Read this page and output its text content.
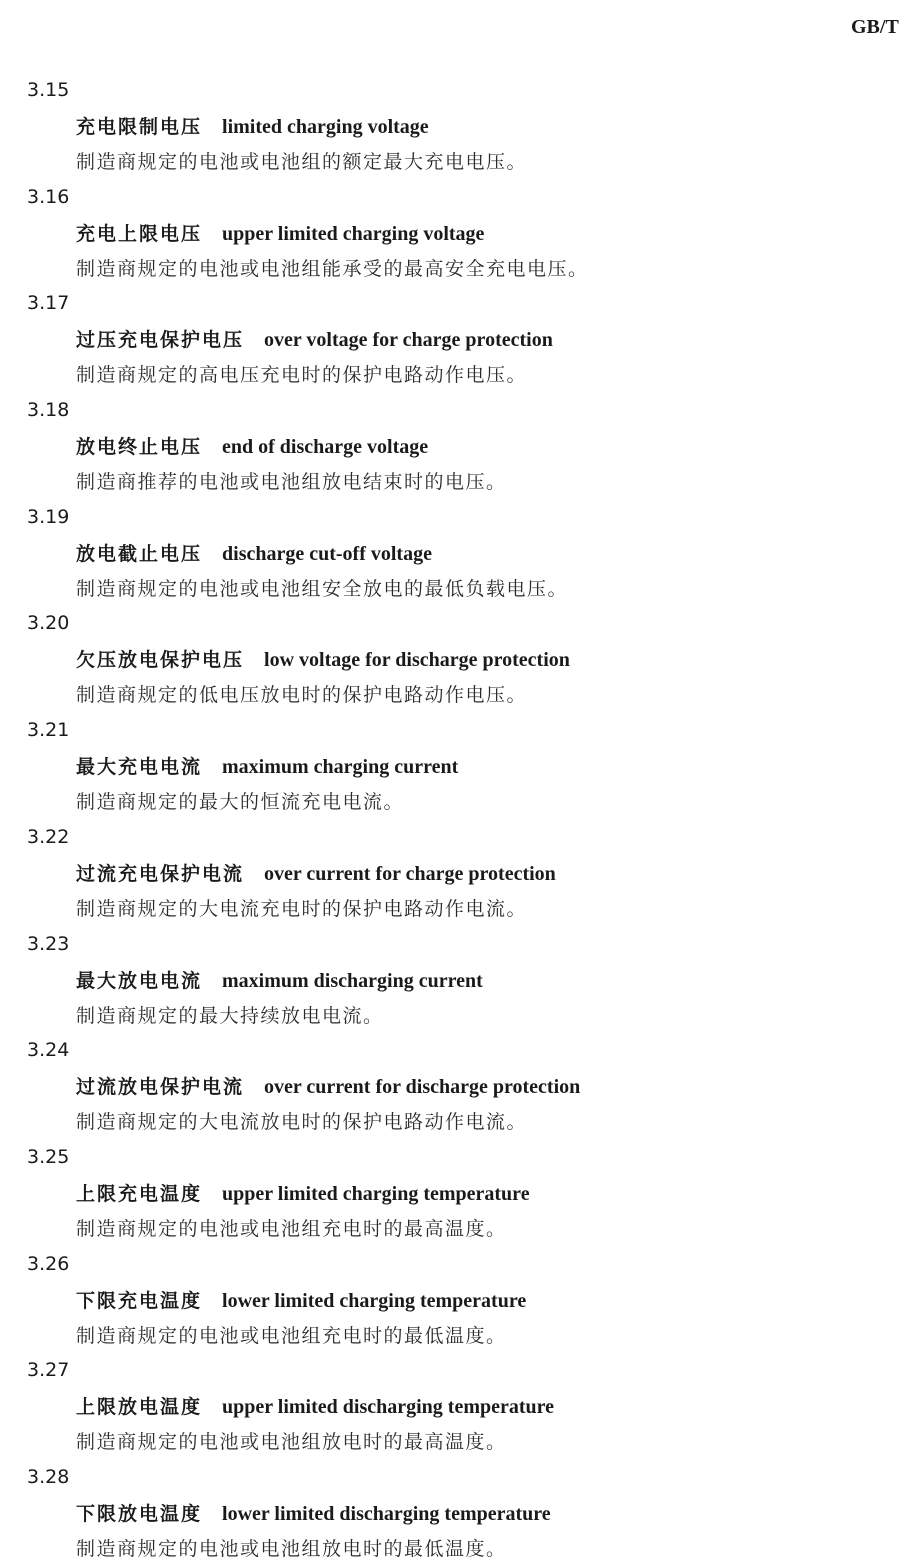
GB/T
3.15
充电限制电压 limited charging voltage
制造商规定的电池或电池组的额定最大充电电压。
3.16
充电上限电压 upper limited charging voltage
制造商规定的电池或电池组能承受的最高安全充电电压。
3.17
过压充电保护电压 over voltage for charge protection
制造商规定的高电压充电时的保护电路动作电压。
3.18
放电终止电压 end of discharge voltage
制造商推荐的电池或电池组放电结束时的电压。
3.19
放电截止电压 discharge cut-off voltage
制造商规定的电池或电池组安全放电的最低负载电压。
3.20
欠压放电保护电压 low voltage for discharge protection
制造商规定的低电压放电时的保护电路动作电压。
3.21
最大充电电流 maximum charging current
制造商规定的最大的恒流充电电流。
3.22
过流充电保护电流 over current for charge protection
制造商规定的大电流充电时的保护电路动作电流。
3.23
最大放电电流 maximum discharging current
制造商规定的最大持续放电电流。
3.24
过流放电保护电流 over current for discharge protection
制造商规定的大电流放电时的保护电路动作电流。
3.25
上限充电温度 upper limited charging temperature
制造商规定的电池或电池组充电时的最高温度。
3.26
下限充电温度 lower limited charging temperature
制造商规定的电池或电池组充电时的最低温度。
3.27
上限放电温度 upper limited discharging temperature
制造商规定的电池或电池组放电时的最高温度。
3.28
下限放电温度 lower limited discharging temperature
制造商规定的电池或电池组放电时的最低温度。
